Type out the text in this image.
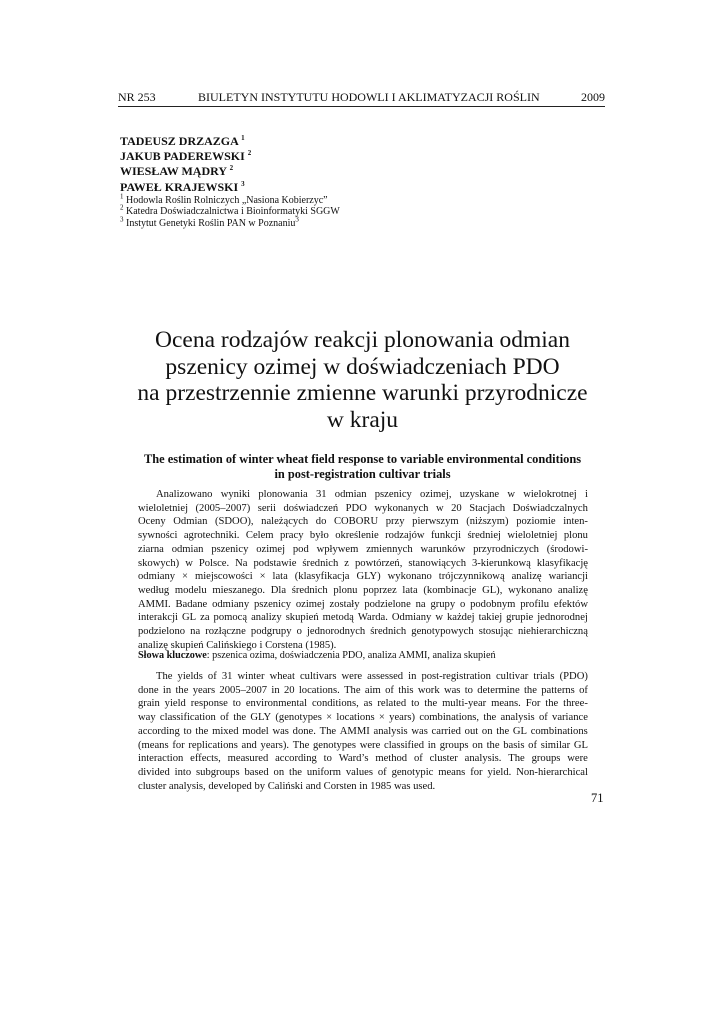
NR 253	BIULETYN INSTYTUTU HODOWLI I AKLIMATYZACJI ROŚLIN	2009
TADEUSZ DRZAZGA $^1$
JAKUB PADEREWSKI $^2$
WIESŁAW MĄDRY $^2$
PAWEŁ KRAJEWSKI $^3$
$^1$ Hodowla Roślin Rolniczych „Nasiona Kobierzyc”
$^2$ Katedra Doświadczalnictwa i Bioinformatyki SGGW
$^3$ Instytut Genetyki Roślin PAN w Poznaniu$^3$
Ocena rodzajów reakcji plonowania odmian
pszenicy ozimej w doświadczeniach PDO
na przestrzennie zmienne warunki przyrodnicze
w kraju
The estimation of winter wheat field response to variable environmental conditions
in post-registration cultivar trials
Analizowano wyniki plonowania 31 odmian pszenicy ozimej, uzyskane w wielokrotnej i
wieloletniej (2005–2007) serii doświadczeń PDO wykonanych w 20 Stacjach Doświadczalnych
Oceny Odmian (SDOO), należących do COBORU przy pierwszym (niższym) poziomie inten-
sywności agrotechniki. Celem pracy było określenie rodzajów funkcji średniej wieloletniej plonu
ziarna odmian pszenicy ozimej pod wpływem zmiennych warunków przyrodniczych (środowi-
skowych) w Polsce. Na podstawie średnich z powtórzeń, stanowiących 3-kierunkową klasyfikację
odmiany × miejscowości × lata (klasyfikacja GLY) wykonano trójczynnikową analizę wariancji
według modelu mieszanego. Dla średnich plonu poprzez lata (kombinacje GL), wykonano analizę
AMMI. Badane odmiany pszenicy ozimej zostały podzielone na grupy o podobnym profilu efektów
interakcji GL za pomocą analizy skupień metodą Warda. Odmiany w każdej takiej grupie jednorodnej
podzielono na rozłączne podgrupy o jednorodnych średnich genotypowych stosując niehierarchiczną
analizę skupień Calińskiego i Corstena (1985).
Słowa kluczowe: pszenica ozima, doświadczenia PDO, analiza AMMI, analiza skupień
The yields of 31 winter wheat cultivars were assessed in post-registration cultivar trials (PDO)
done in the years 2005–2007 in 20 locations. The aim of this work was to determine the patterns of
grain yield response to environmental conditions, as related to the multi-year means. For the three-
way classification of the GLY (genotypes × locations × years) combinations, the analysis of variance
according to the mixed model was done. The AMMI analysis was carried out on the GL combinations
(means for replications and years). The genotypes were classified in groups on the basis of similar GL
interaction effects, measured according to Ward’s method of cluster analysis. The groups were
divided into subgroups based on the uniform values of genotypic means for yield. Non-hierarchical
cluster analysis, developed by Caliński and Corsten in 1985 was used.
71
